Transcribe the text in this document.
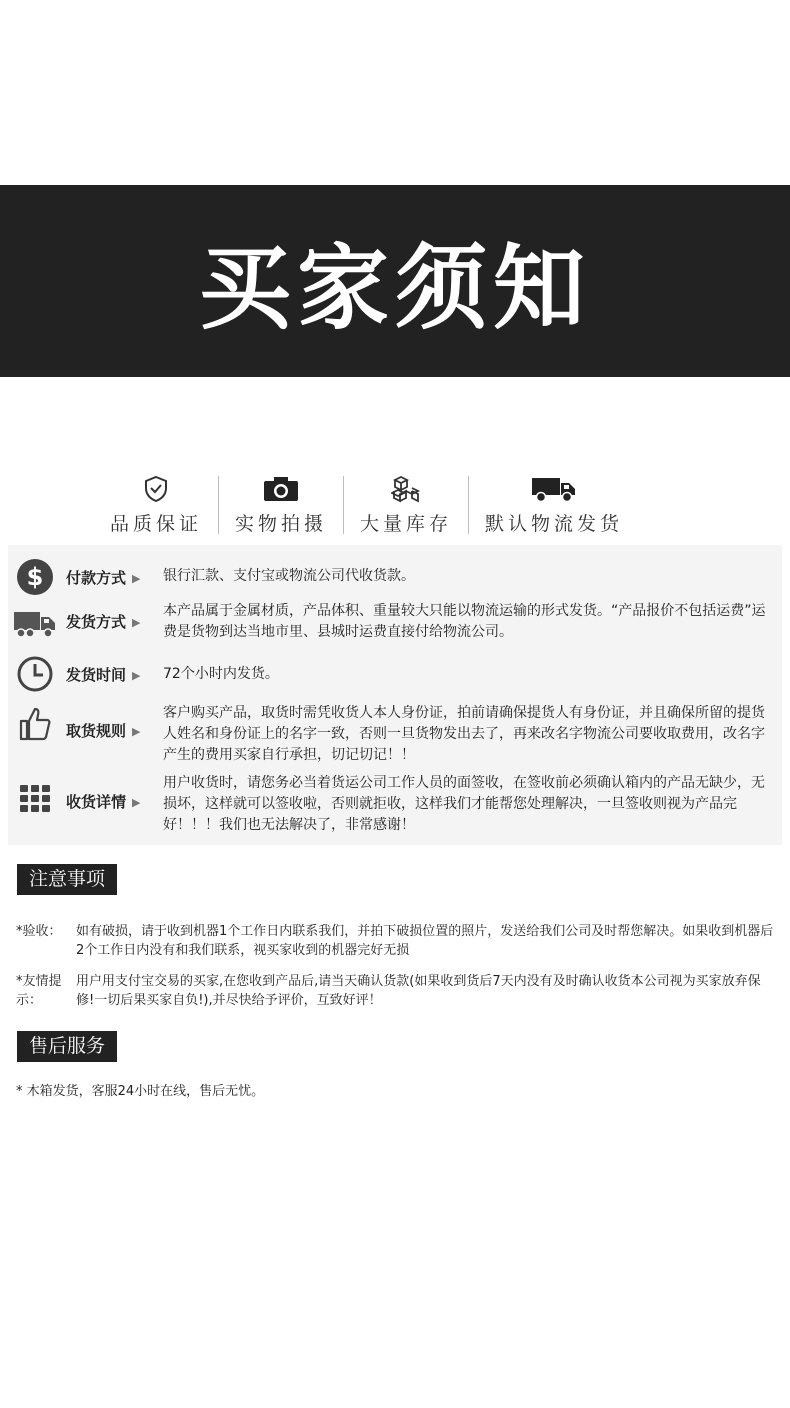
买家须知
品质保证 实物拍摄 大量库存 默认物流发货
$ 付款方式 ▶ 银行汇款、支付宝或物流公司代收货款。
发货方式 ▶
本产品属于金属材质，产品体积、重量较大只能以物流运输的形式发货。“产品报价不包括运费”运费是货物到达当地市里、县城时运费直接付给物流公司。
发货时间 ▶ 72个小时内发货。
取货规则 ▶
客户购买产品，取货时需凭收货人本人身份证，拍前请确保提货人有身份证，并且确保所留的提货人姓名和身份证上的名字一致，否则一旦货物发出去了，再来改名字物流公司要收取费用，改名字产生的费用买家自行承担，切记切记！！
收货详情 ▶
用户收货时，请您务必当着货运公司工作人员的面签收，在签收前必须确认箱内的产品无缺少，无损坏，这样就可以签收啦，否则就拒收，这样我们才能帮您处理解决，一旦签收则视为产品完好！！！我们也无法解决了，非常感谢！
注意事项
*验收： 如有破损，请于收到机器1个工作日内联系我们，并拍下破损位置的照片，发送给我们公司及时帮您解决。如果收到机器后2个工作日内没有和我们联系，视买家收到的机器完好无损
*友情提示：
用户用支付宝交易的买家,在您收到产品后,请当天确认货款(如果收到货后7天内没有及时确认收货本公司视为买家放弃保修!一切后果买家自负!),并尽快给予评价，互致好评！
售后服务
* 木箱发货，客服24小时在线，售后无忧。
